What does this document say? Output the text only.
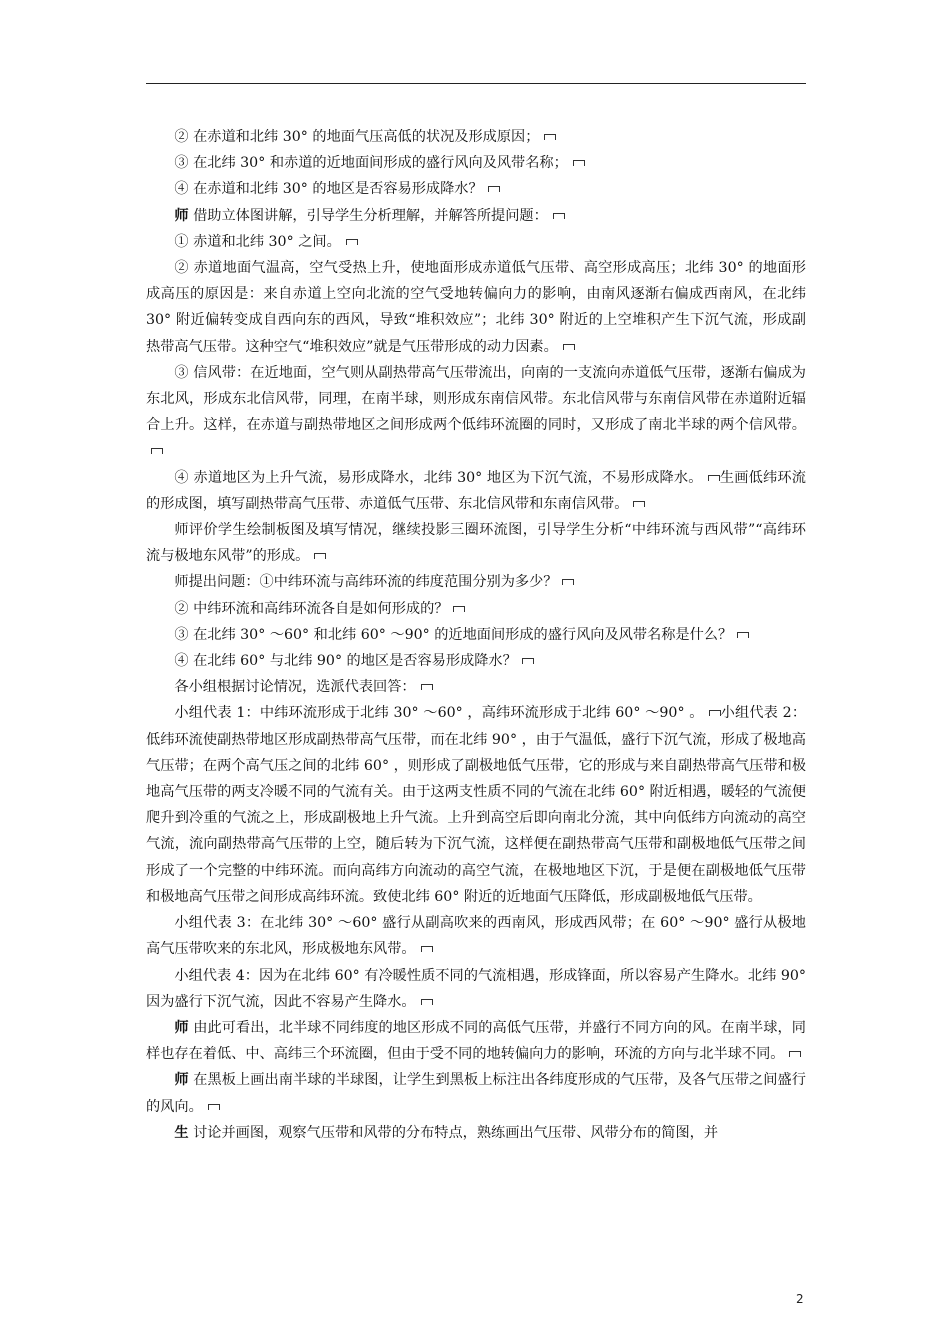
② 在赤道和北纬 30° 的地面气压高低的状况及形成原因；

③ 在北纬 30° 和赤道的近地面间形成的盛行风向及风带名称；

④ 在赤道和北纬 30° 的地区是否容易形成降水？

师 借助立体图讲解，引导学生分析理解，并解答所提问题：

① 赤道和北纬 30° 之间。

② 赤道地面气温高，空气受热上升，使地面形成赤道低气压带、高空形成高压；北纬 30° 的地面形成高压的原因是：来自赤道上空向北流的空气受地转偏向力的影响，由南风逐渐右偏成西南风，在北纬 30° 附近偏转变成自西向东的西风，导致“堆积效应”；北纬 30° 附近的上空堆积产生下沉气流，形成副热带高气压带。这种空气“堆积效应”就是气压带形成的动力因素。

③ 信风带：在近地面，空气则从副热带高气压带流出，向南的一支流向赤道低气压带，逐渐右偏成为东北风，形成东北信风带，同理，在南半球，则形成东南信风带。东北信风带与东南信风带在赤道附近辐合上升。这样，在赤道与副热带地区之间形成两个低纬环流圈的同时，又形成了南北半球的两个信风带。

④ 赤道地区为上升气流，易形成降水，北纬 30° 地区为下沉气流，不易形成降水。 生画低纬环流的形成图，填写副热带高气压带、赤道低气压带、东北信风带和东南信风带。

师评价学生绘制板图及填写情况，继续投影三圈环流图，引导学生分析“中纬环流与西风带”“高纬环流与极地东风带”的形成。

师提出问题：①中纬环流与高纬环流的纬度范围分别为多少？

② 中纬环流和高纬环流各自是如何形成的？

③ 在北纬 30° ～60° 和北纬 60° ～90° 的近地面间形成的盛行风向及风带名称是什么？

④ 在北纬 60° 与北纬 90° 的地区是否容易形成降水？

各小组根据讨论情况，选派代表回答：

小组代表 1：中纬环流形成于北纬 30° ～60° ，高纬环流形成于北纬 60° ～90° 。 小组代表 2：低纬环流使副热带地区形成副热带高气压带，而在北纬 90° ，由于气温低，盛行下沉气流，形成了极地高气压带；在两个高气压之间的北纬 60° ，则形成了副极地低气压带，它的形成与来自副热带高气压带和极地高气压带的两支冷暖不同的气流有关。由于这两支性质不同的气流在北纬 60° 附近相遇，暖轻的气流便爬升到冷重的气流之上，形成副极地上升气流。上升到高空后即向南北分流，其中向低纬方向流动的高空气流，流向副热带高气压带的上空，随后转为下沉气流，这样便在副热带高气压带和副极地低气压带之间形成了一个完整的中纬环流。而向高纬方向流动的高空气流，在极地地区下沉，于是便在副极地低气压带和极地高气压带之间形成高纬环流。致使北纬 60° 附近的近地面气压降低，形成副极地低气压带。

小组代表 3：在北纬 30° ～60° 盛行从副高吹来的西南风，形成西风带；在 60° ～90° 盛行从极地高气压带吹来的东北风，形成极地东风带。

小组代表 4：因为在北纬 60° 有冷暖性质不同的气流相遇，形成锋面，所以容易产生降水。北纬 90° 因为盛行下沉气流，因此不容易产生降水。

师 由此可看出，北半球不同纬度的地区形成不同的高低气压带，并盛行不同方向的风。在南半球，同样也存在着低、中、高纬三个环流圈，但由于受不同的地转偏向力的影响，环流的方向与北半球不同。

师 在黑板上画出南半球的半球图，让学生到黑板上标注出各纬度形成的气压带，及各气压带之间盛行的风向。

生 讨论并画图，观察气压带和风带的分布特点，熟练画出气压带、风带分布的简图，并

2
